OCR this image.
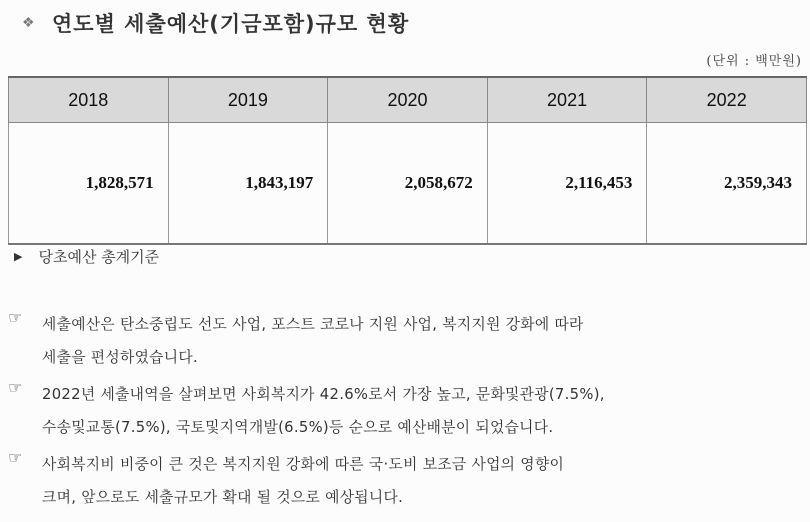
❖ 연도별 세출예산(기금포함)규모 현황
(단위 : 백만원)
2018	2019	2020	2021	2022
1,828,571	1,843,197	2,058,672	2,116,453	2,359,343
▶ 당초예산 총계기준
☞	세출예산은 탄소중립도 선도 사업, 포스트 코로나 지원 사업, 복지지원 강화에 따라
세출을 편성하였습니다.
☞	2022년 세출내역을 살펴보면 사회복지가 42.6%로서 가장 높고, 문화및관광(7.5%),
수송및교통(7.5%), 국토및지역개발(6.5%)등 순으로 예산배분이 되었습니다.
☞	사회복지비 비중이 큰 것은 복지지원 강화에 따른 국·도비 보조금 사업의 영향이
크며, 앞으로도 세출규모가 확대 될 것으로 예상됩니다.
